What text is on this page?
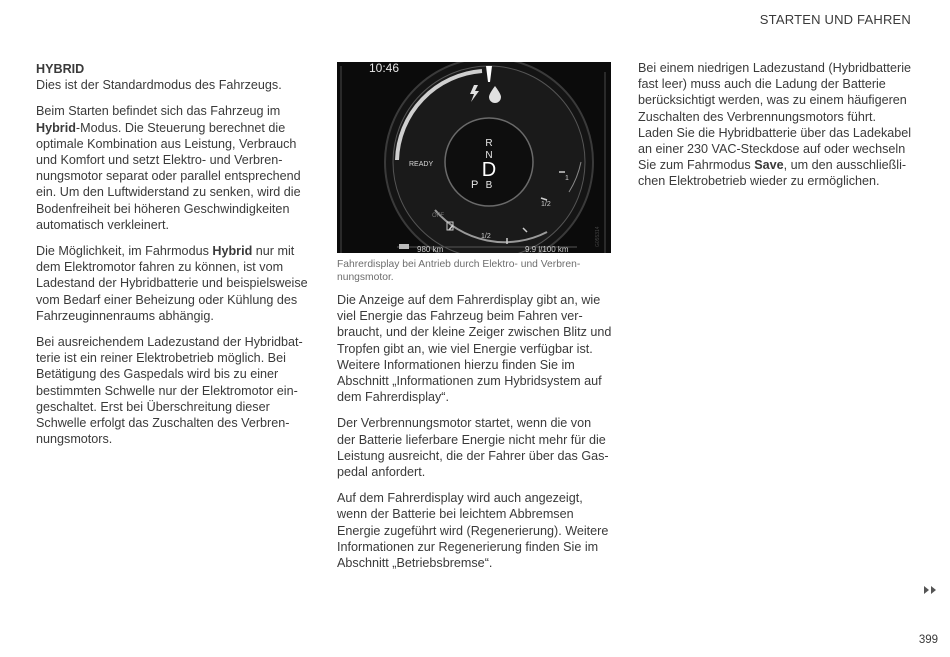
STARTEN UND FAHREN
HYBRID

Dies ist der Standardmodus des Fahrzeugs.

Beim Starten befindet sich das Fahrzeug im Hybrid-Modus. Die Steuerung berechnet die optimale Kombination aus Leistung, Verbrauch und Komfort und setzt Elektro- und Verbrennungsmotor separat oder parallel entsprechend ein. Um den Luftwiderstand zu senken, wird die Bodenfreiheit bei höheren Geschwindigkeiten automatisch verkleinert.

Die Möglichkeit, im Fahrmodus Hybrid nur mit dem Elektromotor fahren zu können, ist vom Ladestand der Hybridbatterie und beispielsweise vom Bedarf einer Beheizung oder Kühlung des Fahrzeuginnenraums abhängig.

Bei ausreichendem Ladezustand der Hybridbatterie ist ein reiner Elektrobetrieb möglich. Bei Betätigung des Gaspedals wird bis zu einer bestimmten Schwelle nur der Elektromotor eingeschaltet. Erst bei Überschreitung dieser Schwelle erfolgt das Zuschalten des Verbrennungsmotors.

10:46
R
N
D
B
P
READY
OFF
1/2
1
1/2
980 km	9.9 l/100 km
G055314
Fahrerdisplay bei Antrieb durch Elektro- und Verbrennungsmotor.

Die Anzeige auf dem Fahrerdisplay gibt an, wie viel Energie das Fahrzeug beim Fahren verbraucht, und der kleine Zeiger zwischen Blitz und Tropfen gibt an, wie viel Energie verfügbar ist. Weitere Informationen hierzu finden Sie im Abschnitt „Informationen zum Hybridsystem auf dem Fahrerdisplay“.

Der Verbrennungsmotor startet, wenn die von der Batterie lieferbare Energie nicht mehr für die Leistung ausreicht, die der Fahrer über das Gaspedal anfordert.

Auf dem Fahrerdisplay wird auch angezeigt, wenn der Batterie bei leichtem Abbremsen Energie zugeführt wird (Regenerierung). Weitere Informationen zur Regenerierung finden Sie im Abschnitt „Betriebsbremse“.

Bei einem niedrigen Ladezustand (Hybridbatterie fast leer) muss auch die Ladung der Batterie berücksichtigt werden, was zu einem häufigeren Zuschalten des Verbrennungsmotors führt. Laden Sie die Hybridbatterie über das Ladekabel an einer 230 VAC-Steckdose auf oder wechseln Sie zum Fahrmodus Save, um den ausschließlichen Elektrobetrieb wieder zu ermöglichen.

399
